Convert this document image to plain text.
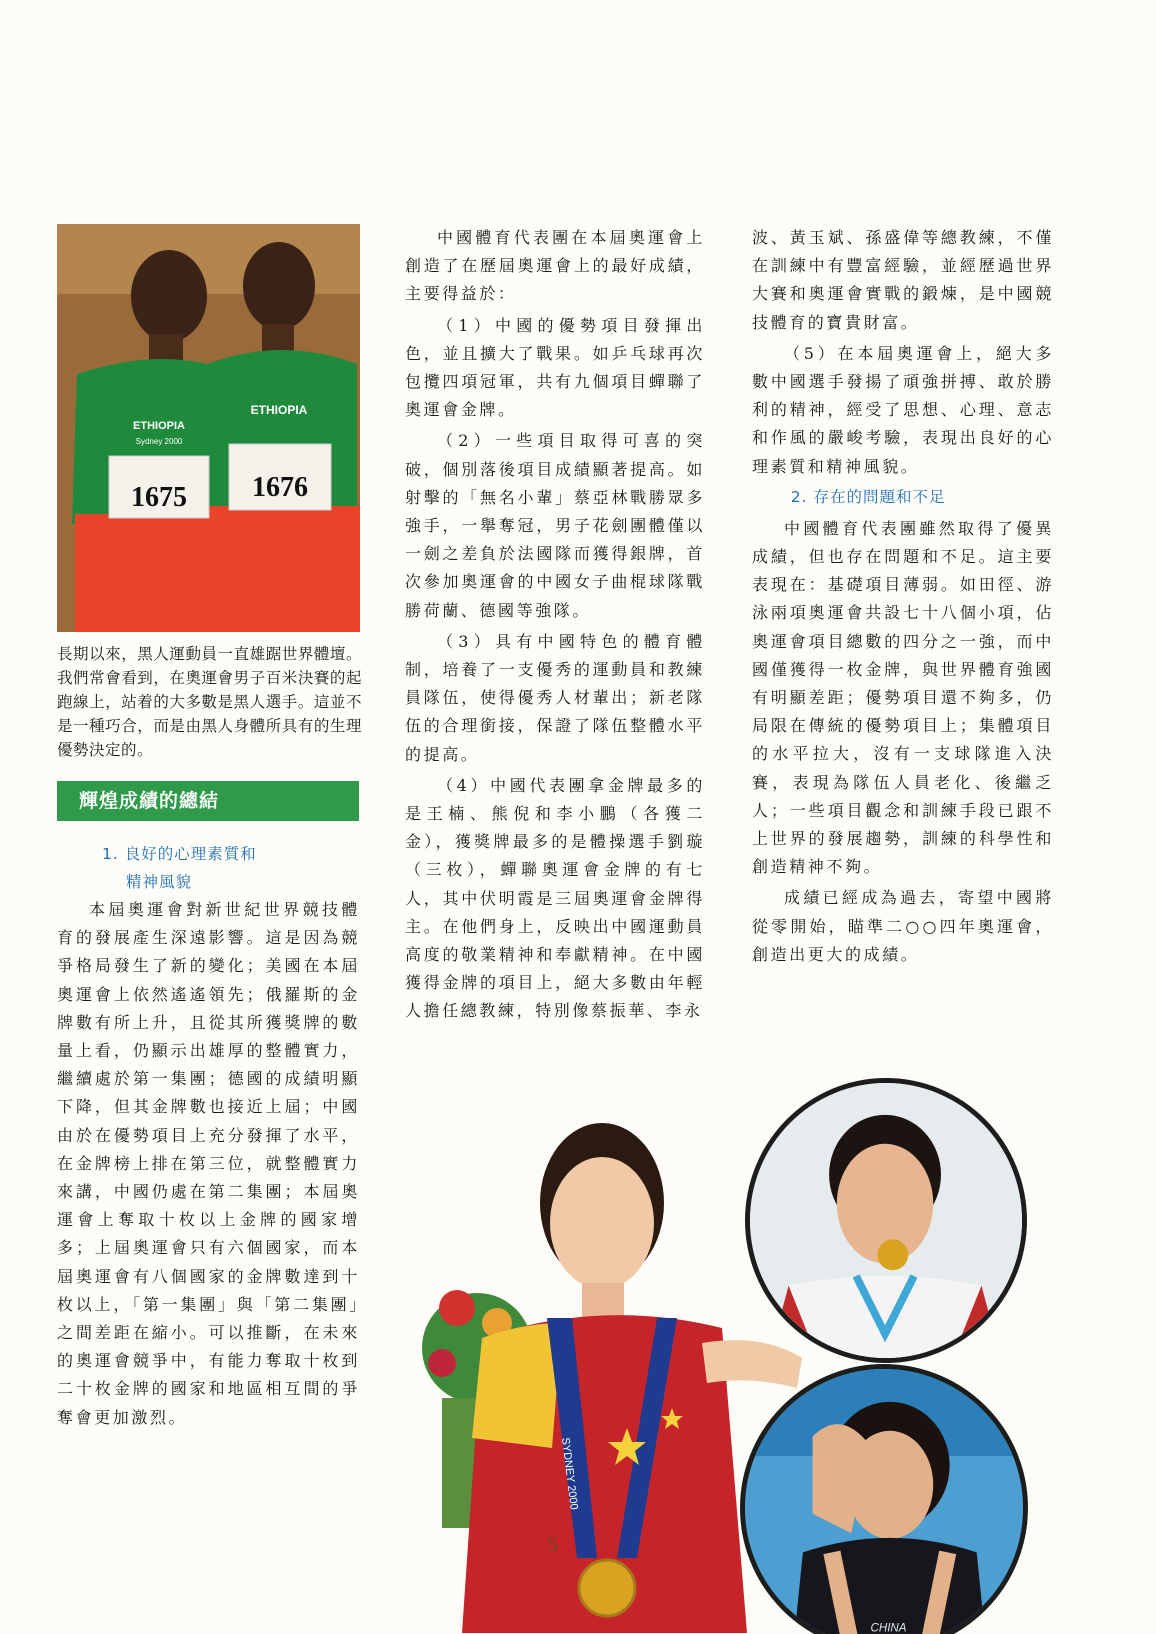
ETHIOPIA
ETHIOPIA
Sydney 2000
1675 1676
長期以來，黑人運動員一直雄踞世界體壇。我們常會看到，在奧運會男子百米決賽的起跑線上，站着的大多數是黑人選手。這並不是一種巧合，而是由黑人身體所具有的生理優勢決定的。
輝煌成績的總結
1. 良好的心理素質和
精神風貌

本屆奧運會對新世紀世界競技體育的發展產生深遠影響。這是因為競爭格局發生了新的變化；美國在本屆奧運會上依然遙遙領先；俄羅斯的金牌數有所上升，且從其所獲獎牌的數量上看，仍顯示出雄厚的整體實力，繼續處於第一集團；德國的成績明顯下降，但其金牌數也接近上屆；中國由於在優勢項目上充分發揮了水平，在金牌榜上排在第三位，就整體實力來講，中國仍處在第二集團；本屆奧運會上奪取十枚以上金牌的國家增多；上屆奧運會只有六個國家，而本屆奧運會有八個國家的金牌數達到十枚以上，「第一集團」與「第二集團」之間差距在縮小。可以推斷，在未來的奧運會競爭中，有能力奪取十枚到二十枚金牌的國家和地區相互間的爭奪會更加激烈。

中國體育代表團在本屆奧運會上創造了在歷屆奧運會上的最好成績，主要得益於：

（1）中國的優勢項目發揮出色，並且擴大了戰果。如乒乓球再次包攬四項冠軍，共有九個項目蟬聯了奧運會金牌。

（2）一些項目取得可喜的突破，個別落後項目成績顯著提高。如射擊的「無名小輩」蔡亞林戰勝眾多強手，一舉奪冠，男子花劍團體僅以一劍之差負於法國隊而獲得銀牌，首次參加奧運會的中國女子曲棍球隊戰勝荷蘭、德國等強隊。

（3）具有中國特色的體育體制，培養了一支優秀的運動員和教練員隊伍，使得優秀人材輩出；新老隊伍的合理銜接，保證了隊伍整體水平的提高。

（4）中國代表團拿金牌最多的是王楠、熊倪和李小鵬（各獲二金），獲獎牌最多的是體操選手劉璇（三枚），蟬聯奧運會金牌的有七人，其中伏明霞是三屆奧運會金牌得主。在他們身上，反映出中國運動員高度的敬業精神和奉獻精神。在中國獲得金牌的項目上，絕大多數由年輕人擔任總教練，特別像蔡振華、李永

波、黃玉斌、孫盛偉等總教練，不僅在訓練中有豐富經驗，並經歷過世界大賽和奧運會實戰的鍛煉，是中國競技體育的寶貴財富。

（5）在本屆奧運會上，絕大多數中國選手發揚了頑強拼搏、敢於勝利的精神，經受了思想、心理、意志和作風的嚴峻考驗，表現出良好的心理素質和精神風貌。

2. 存在的問題和不足

中國體育代表團雖然取得了優異成績，但也存在問題和不足。這主要表現在：基礎項目薄弱。如田徑、游泳兩項奧運會共設七十八個小項，佔奧運會項目總數的四分之一強，而中國僅獲得一枚金牌，與世界體育強國有明顯差距；優勢項目還不夠多，仍局限在傳統的優勢項目上；集體項目的水平拉大，沒有一支球隊進入決賽，表現為隊伍人員老化、後繼乏人；一些項目觀念和訓練手段已跟不上世界的發展趨勢，訓練的科學性和創造精神不夠。

成績已經成為過去，寄望中國將從零開始，瞄準二○○四年奧運會，創造出更大的成績。

SYDNEY 2000
CHINA
5
